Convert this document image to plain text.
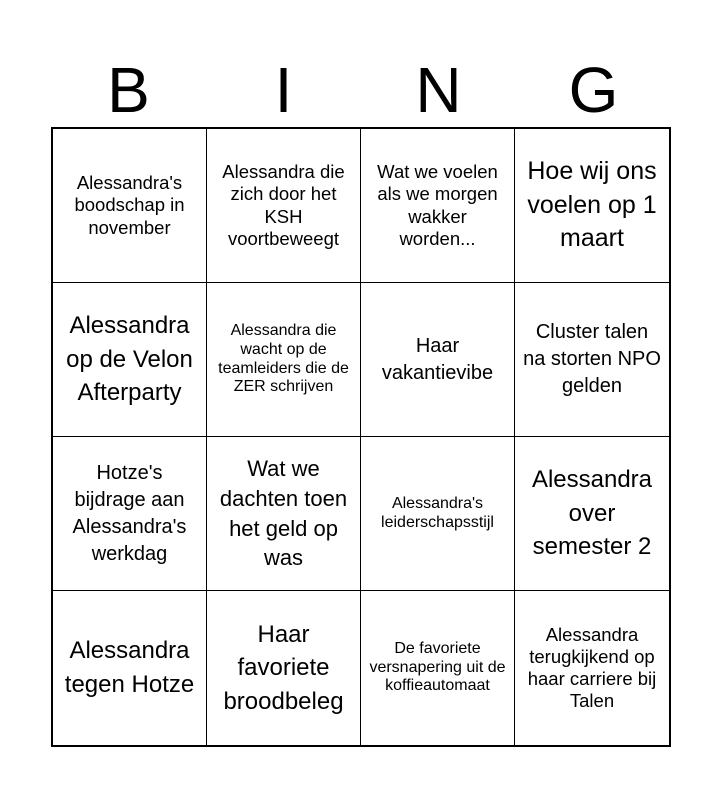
B	I	N	G
Alessandra's boodschap in november
Alessandra die zich door het KSH voortbeweegt
Wat we voelen als we morgen wakker worden...
Hoe wij ons voelen op 1 maart
Alessandra op de Velon Afterparty
Alessandra die wacht op de teamleiders die de ZER schrijven
Haar vakantievibe
Cluster talen na storten NPO gelden
Hotze's bijdrage aan Alessandra's werkdag
Wat we dachten toen het geld op was
Alessandra's leiderschapsstijl
Alessandra over semester 2
Alessandra tegen Hotze
Haar favoriete broodbeleg
De favoriete versnapering uit de koffieautomaat
Alessandra terugkijkend op haar carriere bij Talen
